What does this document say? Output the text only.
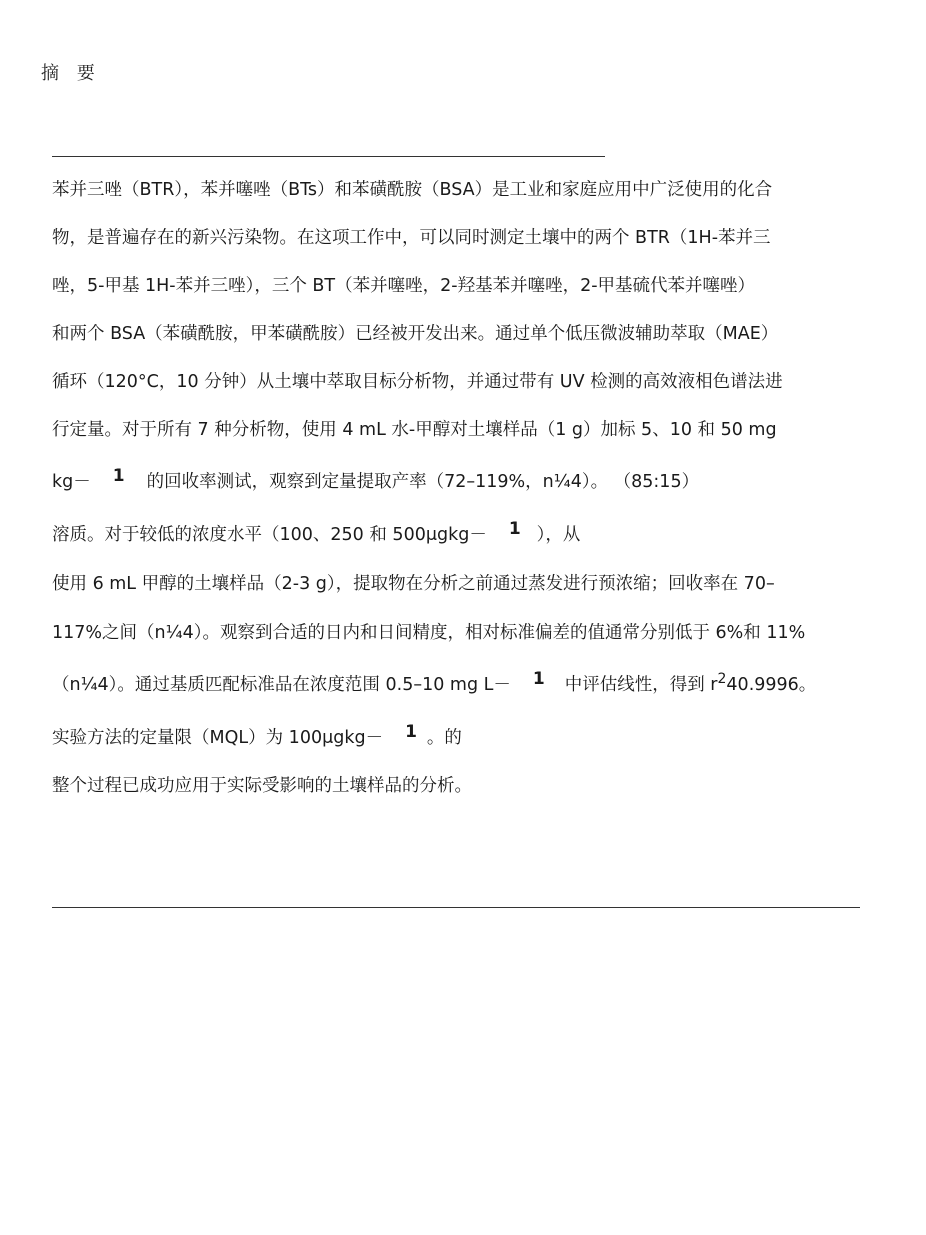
摘 要
苯并三唑（BTR），苯并噻唑（BTs）和苯磺酰胺（BSA）是工业和家庭应用中广泛使用的化合
物，是普遍存在的新兴污染物。在这项工作中，可以同时测定土壤中的两个 BTR（1H-苯并三
唑，5-甲基 1H-苯并三唑），三个 BT（苯并噻唑，2-羟基苯并噻唑，2-甲基硫代苯并噻唑）
和两个 BSA（苯磺酰胺，甲苯磺酰胺）已经被开发出来。通过单个低压微波辅助萃取（MAE）
循环（120°C，10 分钟）从土壤中萃取目标分析物，并通过带有 UV 检测的高效液相色谱法进
行定量。对于所有 7 种分析物，使用 4 mL 水-甲醇对土壤样品（1 g）加标 5、10 和 50 mg
kg－ 1 的回收率测试，观察到定量提取产率（72–119%，n¼4）。 （85:15）
溶质。对于较低的浓度水平（100、250 和 500μgkg－ 1 ），从
使用 6 mL 甲醇的土壤样品（2-3 g），提取物在分析之前通过蒸发进行预浓缩；回收率在 70–
117%之间（n¼4）。观察到合适的日内和日间精度，相对标准偏差的值通常分别低于 6%和 11%
（n¼4）。通过基质匹配标准品在浓度范围 0.5–10 mg L－ 1 中评估线性，得到 $r^240.9996$。
实验方法的定量限（MQL）为 100μgkg－ 1 。的
整个过程已成功应用于实际受影响的土壤样品的分析。
